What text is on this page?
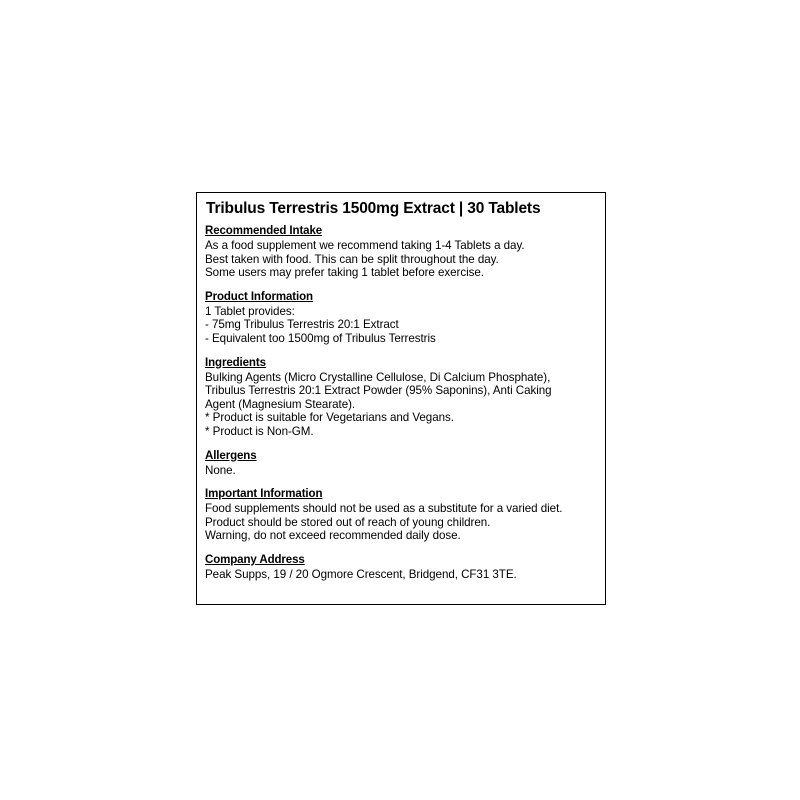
Tribulus Terrestris 1500mg Extract | 30 Tablets
Recommended Intake
As a food supplement we recommend taking 1-4 Tablets a day.
Best taken with food. This can be split throughout the day.
Some users may prefer taking 1 tablet before exercise.
Product Information
1 Tablet provides:
- 75mg Tribulus Terrestris 20:1 Extract
- Equivalent too 1500mg of Tribulus Terrestris
Ingredients
Bulking Agents (Micro Crystalline Cellulose, Di Calcium Phosphate),
Tribulus Terrestris 20:1 Extract Powder (95% Saponins), Anti Caking
Agent (Magnesium Stearate).
* Product is suitable for Vegetarians and Vegans.
* Product is Non-GM.
Allergens
None.
Important Information
Food supplements should not be used as a substitute for a varied diet.
Product should be stored out of reach of young children.
Warning, do not exceed recommended daily dose.
Company Address
Peak Supps, 19 / 20 Ogmore Crescent, Bridgend, CF31 3TE.
